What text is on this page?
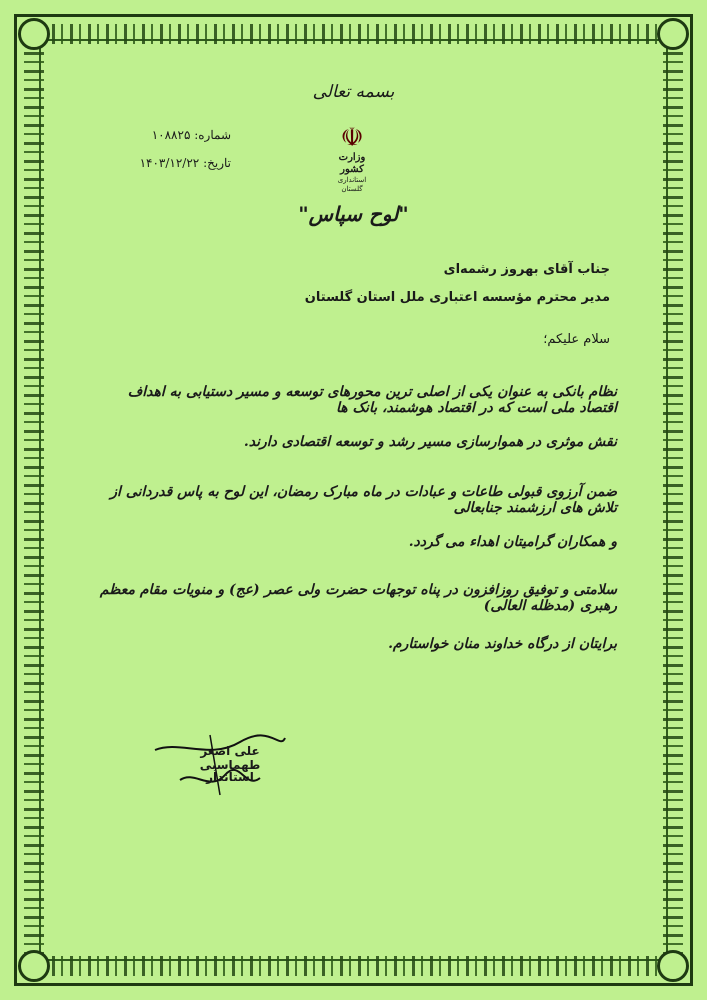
بسمه تعالی
☫
وزارت کشور
استانداری گلستان
شماره: ۱۰۸۸۲۵
تاریخ: ۱۴۰۳/۱۲/۲۲
"لوح سپاس"
جناب آقای بهروز رشمه‌ای
مدیر محترم مؤسسه اعتباری ملل استان گلستان
سلام علیکم؛
نظام بانکی به عنوان یکی از اصلی ترین محورهای توسعه و مسیر دستیابی به اهداف اقتصاد ملی است که در اقتصاد هوشمند، بانک ها
نقش موثری در هموارسازی مسیر رشد و توسعه اقتصادی دارند.
ضمن آرزوی قبولی طاعات و عبادات در ماه مبارک رمضان، این لوح به پاس قدردانی از تلاش های ارزشمند جنابعالی
و همکاران گرامیتان اهداء می گردد.
سلامتی و توفیق روزافزون در پناه توجهات حضرت ولی عصر (عج) و منویات مقام معظم رهبری (مدظله العالی)
برایتان از درگاه خداوند منان خواستارم.
علی اصغر طهماسبی
استاندار
